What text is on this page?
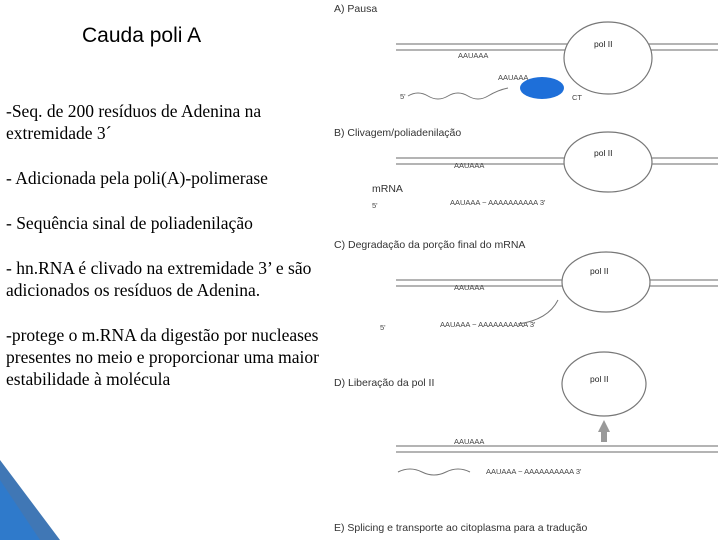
Cauda poli A

-Seq. de 200 resíduos de Adenina na extremidade 3´

- Adicionada pela poli(A)-polimerase

- Sequência sinal de poliadenilação

- hn.RNA é clivado na extremidade 3’ e são adicionados os resíduos de Adenina.

-protege o m.RNA da digestão por nucleases presentes no meio e proporcionar uma maior estabilidade à molécula

A) Pausa
pol II
AAUAAA
CT
AAUAAA
5'
B) Clivagem/poliadenilação
pol II
AAUAAA
mRNA
5'	AAUAAA ~ AAAAAAAAAA 3'
C) Degradação da porção final do mRNA
pol II
AAUAAA
5'	AAUAAA ~ AAAAAAAAAA 3'
D) Liberação da pol II	pol II
AAUAAA
AAUAAA ~ AAAAAAAAAA 3'
E) Splicing e transporte ao citoplasma para a tradução
